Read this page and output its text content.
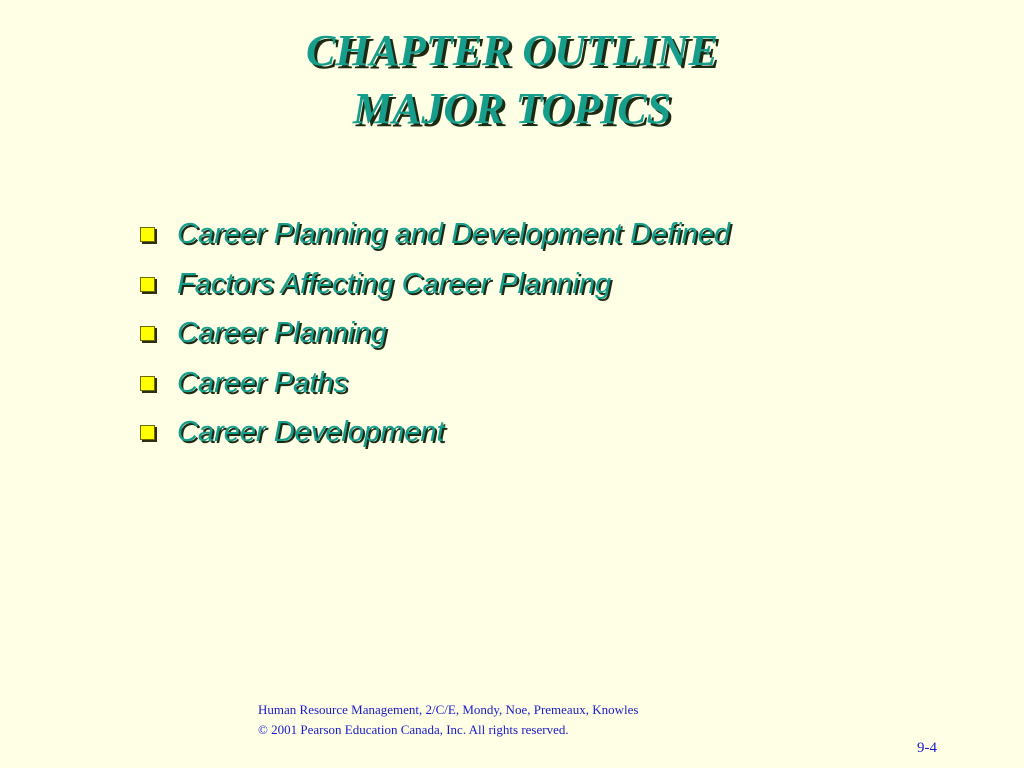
CHAPTER OUTLINE
MAJOR TOPICS
Career Planning and Development Defined
Factors Affecting Career Planning
Career Planning
Career Paths
Career Development
Human Resource Management, 2/C/E, Mondy, Noe, Premeaux, Knowles
© 2001 Pearson Education Canada, Inc. All rights reserved.
9-4
